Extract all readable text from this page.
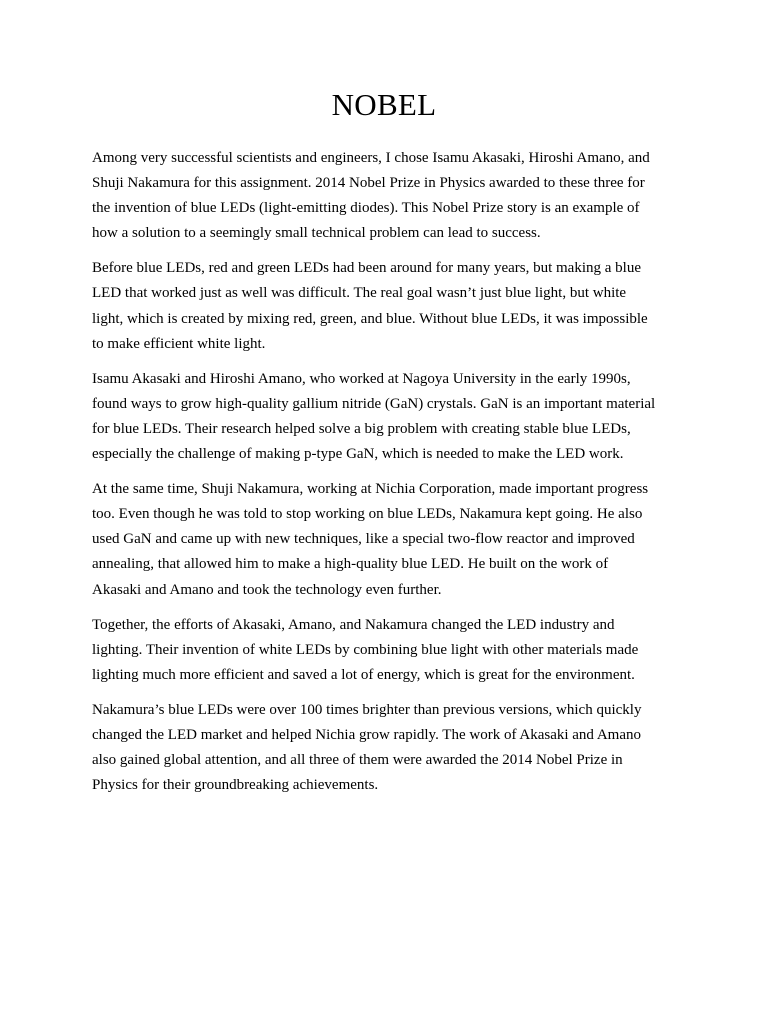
NOBEL

Among very successful scientists and engineers, I chose Isamu Akasaki, Hiroshi Amano, and
Shuji Nakamura for this assignment. 2014 Nobel Prize in Physics awarded to these three for
the invention of blue LEDs (light-emitting diodes). This Nobel Prize story is an example of
how a solution to a seemingly small technical problem can lead to success.

Before blue LEDs, red and green LEDs had been around for many years, but making a blue
LED that worked just as well was difficult. The real goal wasn’t just blue light, but white
light, which is created by mixing red, green, and blue. Without blue LEDs, it was impossible
to make efficient white light.

Isamu Akasaki and Hiroshi Amano, who worked at Nagoya University in the early 1990s,
found ways to grow high-quality gallium nitride (GaN) crystals. GaN is an important material
for blue LEDs. Their research helped solve a big problem with creating stable blue LEDs,
especially the challenge of making p-type GaN, which is needed to make the LED work.

At the same time, Shuji Nakamura, working at Nichia Corporation, made important progress
too. Even though he was told to stop working on blue LEDs, Nakamura kept going. He also
used GaN and came up with new techniques, like a special two-flow reactor and improved
annealing, that allowed him to make a high-quality blue LED. He built on the work of
Akasaki and Amano and took the technology even further.

Together, the efforts of Akasaki, Amano, and Nakamura changed the LED industry and
lighting. Their invention of white LEDs by combining blue light with other materials made
lighting much more efficient and saved a lot of energy, which is great for the environment.

Nakamura’s blue LEDs were over 100 times brighter than previous versions, which quickly
changed the LED market and helped Nichia grow rapidly. The work of Akasaki and Amano
also gained global attention, and all three of them were awarded the 2014 Nobel Prize in
Physics for their groundbreaking achievements.
